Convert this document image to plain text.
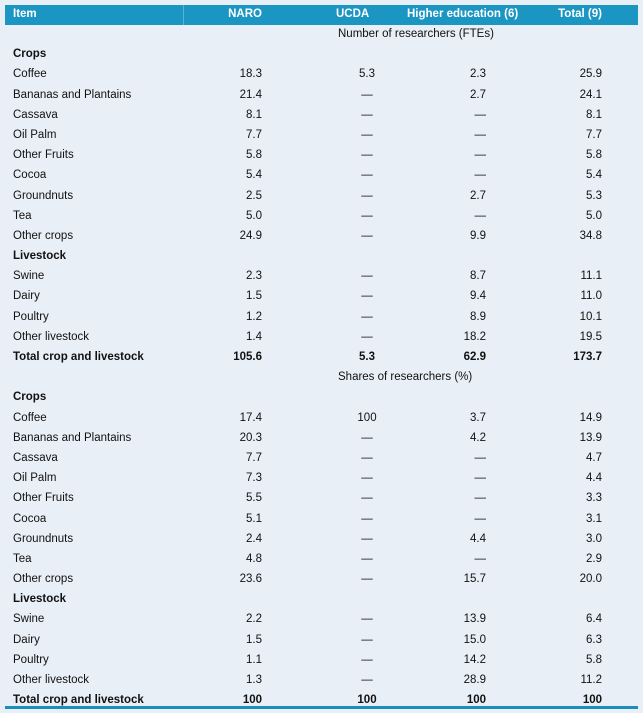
Item	NARO	UCDA	Higher education (6)	Total (9)
Number of researchers (FTEs)
Crops
Coffee	18.3	5.3	2.3	25.9
Bananas and Plantains	21.4	—	2.7	24.1
Cassava	8.1	—	—	8.1
Oil Palm	7.7	—	—	7.7
Other Fruits	5.8	—	—	5.8
Cocoa	5.4	—	—	5.4
Groundnuts	2.5	—	2.7	5.3
Tea	5.0	—	—	5.0
Other crops	24.9	—	9.9	34.8
Livestock
Swine	2.3	—	8.7	11.1
Dairy	1.5	—	9.4	11.0
Poultry	1.2	—	8.9	10.1
Other livestock	1.4	—	18.2	19.5
Total crop and livestock	105.6	5.3	62.9	173.7
Shares of researchers (%)
Crops
Coffee	17.4	100	3.7	14.9
Bananas and Plantains	20.3	—	4.2	13.9
Cassava	7.7	—	—	4.7
Oil Palm	7.3	—	—	4.4
Other Fruits	5.5	—	—	3.3
Cocoa	5.1	—	—	3.1
Groundnuts	2.4	—	4.4	3.0
Tea	4.8	—	—	2.9
Other crops	23.6	—	15.7	20.0
Livestock
Swine	2.2	—	13.9	6.4
Dairy	1.5	—	15.0	6.3
Poultry	1.1	—	14.2	5.8
Other livestock	1.3	—	28.9	11.2
Total crop and livestock	100	100	100	100
